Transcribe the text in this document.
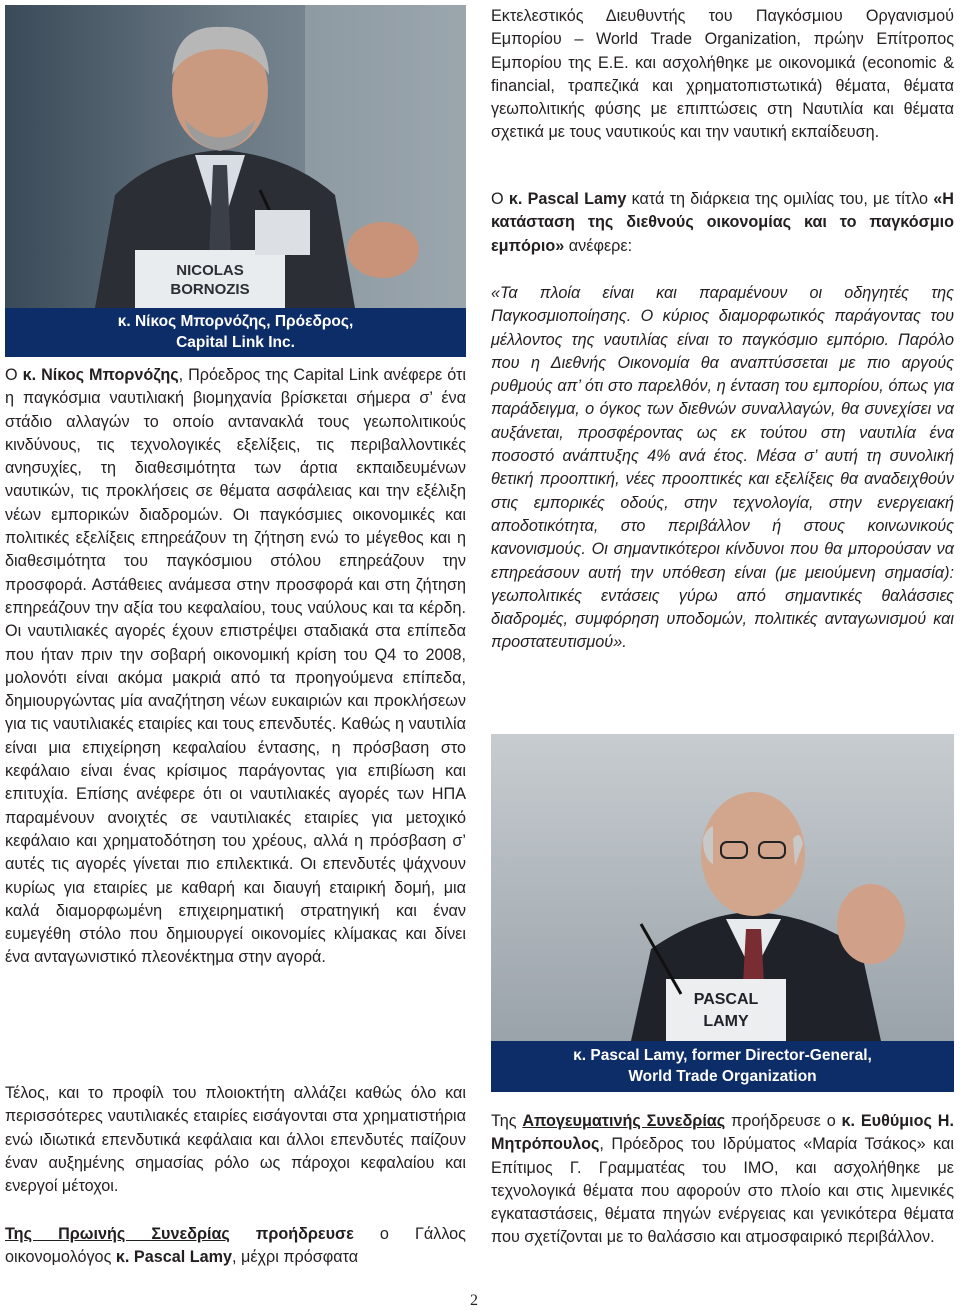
NICOLAS
BORNOZIS
κ. Νίκος Μπορνόζης, Πρόεδρος,
Capital Link Inc.

Ο κ. Νίκος Μπορνόζης, Πρόεδρος της Capital Link ανέφερε ότι η παγκόσμια ναυτιλιακή βιομηχανία βρίσκεται σήμερα σ’ ένα στάδιο αλλαγών το οποίο αντανακλά τους γεωπολιτικούς κινδύνους, τις τεχνολογικές εξελίξεις, τις περιβαλλοντικές ανησυχίες, τη διαθεσιμότητα των άρτια εκπαιδευμένων ναυτικών, τις προκλήσεις σε θέματα ασφάλειας και την εξέλιξη νέων εμπορικών διαδρομών. Οι παγκόσμιες οικονομικές και πολιτικές εξελίξεις επηρεάζουν τη ζήτηση ενώ το μέγεθος και η διαθεσιμότητα του παγκόσμιου στόλου επηρεάζουν την προσφορά. Αστάθειες ανάμεσα στην προσφορά και στη ζήτηση επηρεάζουν την αξία του κεφαλαίου, τους ναύλους και τα κέρδη. Οι ναυτιλιακές αγορές έχουν επιστρέψει σταδιακά στα επίπεδα που ήταν πριν την σοβαρή οικονομική κρίση του Q4 το 2008, μολονότι είναι ακόμα μακριά από τα προηγούμενα επίπεδα, δημιουργώντας μία αναζήτηση νέων ευκαιριών και προκλήσεων για τις ναυτιλιακές εταιρίες και τους επενδυτές. Καθώς η ναυτιλία είναι μια επιχείρηση κεφαλαίου έντασης, η πρόσβαση στο κεφάλαιο είναι ένας κρίσιμος παράγοντας για επιβίωση και επιτυχία. Επίσης ανέφερε ότι οι ναυτιλιακές αγορές των ΗΠΑ παραμένουν ανοιχτές σε ναυτιλιακές εταιρίες για μετοχικό κεφάλαιο και χρηματοδότηση του χρέους, αλλά η πρόσβαση σ’ αυτές τις αγορές γίνεται πιο επιλεκτικά. Οι επενδυτές ψάχνουν κυρίως για εταιρίες με καθαρή και διαυγή εταιρική δομή, μια καλά διαμορφωμένη επιχειρηματική στρατηγική και έναν ευμεγέθη στόλο που δημιουργεί οικονομίες κλίμακας και δίνει ένα ανταγωνιστικό πλεονέκτημα στην αγορά.

Τέλος, και το προφίλ του πλοιοκτήτη αλλάζει καθώς όλο και περισσότερες ναυτιλιακές εταιρίες εισάγονται στα χρηματιστήρια ενώ ιδιωτικά επενδυτικά κεφάλαια και άλλοι επενδυτές παίζουν έναν αυξημένης σημασίας ρόλο ως πάροχοι κεφαλαίου και ενεργοί μέτοχοι.

Της Πρωινής Συνεδρίας προήδρευσε ο Γάλλος οικονομολόγος κ. Pascal Lamy, μέχρι πρόσφατα

Εκτελεστικός Διευθυντής του Παγκόσμιου Οργανισμού Εμπορίου – World Trade Organization, πρώην Επίτροπος Εμπορίου της Ε.Ε. και ασχολήθηκε με οικονομικά (economic & financial, τραπεζικά και χρηματοπιστωτικά) θέματα, θέματα γεωπολιτικής φύσης με επιπτώσεις στη Ναυτιλία και θέματα σχετικά με τους ναυτικούς και την ναυτική εκπαίδευση.

Ο κ. Pascal Lamy κατά τη διάρκεια της ομιλίας του, με τίτλο «Η κατάσταση της διεθνούς οικονομίας και το παγκόσμιο εμπόριο» ανέφερε:

«Τα πλοία είναι και παραμένουν οι οδηγητές της Παγκοσμιοποίησης. Ο κύριος διαμορφωτικός παράγοντας του μέλλοντος της ναυτιλίας είναι το παγκόσμιο εμπόριο. Παρόλο που η Διεθνής Οικονομία θα αναπτύσσεται με πιο αργούς ρυθμούς απ’ ότι στο παρελθόν, η ένταση του εμπορίου, όπως για παράδειγμα, ο όγκος των διεθνών συναλλαγών, θα συνεχίσει να αυξάνεται, προσφέροντας ως εκ τούτου στη ναυτιλία ένα ποσοστό ανάπτυξης 4% ανά έτος. Μέσα σ’ αυτή τη συνολική θετική προοπτική, νέες προοπτικές και εξελίξεις θα αναδειχθούν στις εμπορικές οδούς, στην τεχνολογία, στην ενεργειακή αποδοτικότητα, στο περιβάλλον ή στους κοινωνικούς κανονισμούς. Οι σημαντικότεροι κίνδυνοι που θα μπορούσαν να επηρεάσουν αυτή την υπόθεση είναι (με μειούμενη σημασία): γεωπολιτικές εντάσεις γύρω από σημαντικές θαλάσσιες διαδρομές, συμφόρηση υποδομών, πολιτικές ανταγωνισμού και προστατευτισμού».

PASCAL
LAMY
κ. Pascal Lamy, former Director-General,
World Trade Organization

Της Απογευματινής Συνεδρίας προήδρευσε ο κ. Ευθύμιος Η. Μητρόπουλος, Πρόεδρος του Ιδρύματος «Μαρία Τσάκος» και Επίτιμος Γ. Γραμματέας του ΙΜΟ, και ασχολήθηκε με τεχνολογικά θέματα που αφορούν στο πλοίο και στις λιμενικές εγκαταστάσεις, θέματα πηγών ενέργειας και γενικότερα θέματα που σχετίζονται με το θαλάσσιο και ατμοσφαιρικό περιβάλλον.

2
